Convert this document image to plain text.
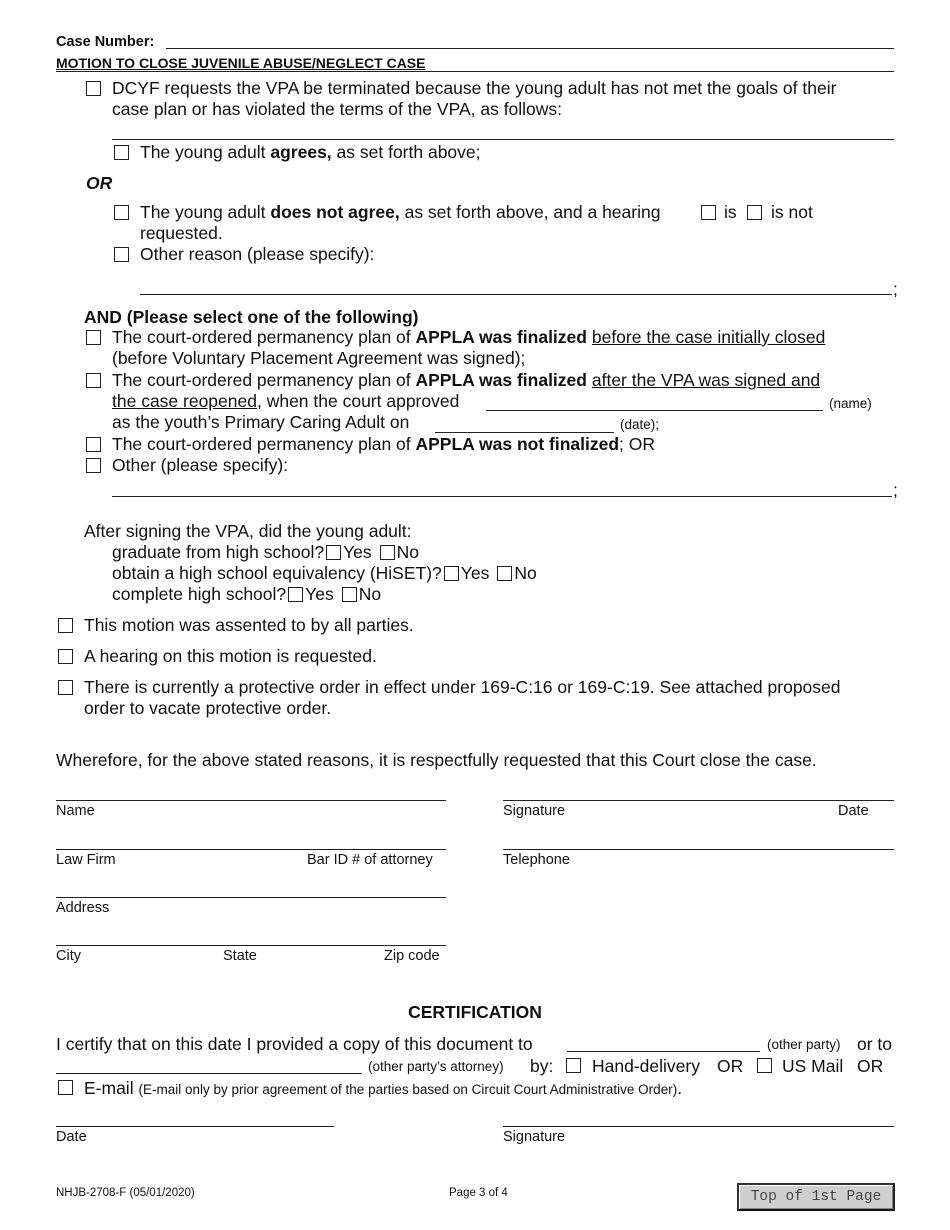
Case Number:
MOTION TO CLOSE JUVENILE ABUSE/NEGLECT CASE
DCYF requests the VPA be terminated because the young adult has not met the goals of their
case plan or has violated the terms of the VPA, as follows:
The young adult agrees, as set forth above;
OR
The young adult does not agree, as set forth above, and a hearing	is is not
requested.
Other reason (please specify):
;
AND (Please select one of the following)
The court-ordered permanency plan of APPLA was finalized before the case initially closed
(before Voluntary Placement Agreement was signed);
The court-ordered permanency plan of APPLA was finalized after the VPA was signed and
the case reopened, when the court approved	(name)
as the youth’s Primary Caring Adult on	(date);
The court-ordered permanency plan of APPLA was not finalized; OR
Other (please specify):
;
After signing the VPA, did the young adult:
graduate from high school? Yes No
obtain a high school equivalency (HiSET)? Yes No
complete high school? Yes No
This motion was assented to by all parties.
A hearing on this motion is requested.
There is currently a protective order in effect under 169-C:16 or 169-C:19. See attached proposed
order to vacate protective order.
Wherefore, for the above stated reasons, it is respectfully requested that this Court close the case.
Name	Signature	Date
Law Firm	Bar ID # of attorney	Telephone
Address
City	State	Zip code
CERTIFICATION
I certify that on this date I provided a copy of this document to	(other party) or to
(other party’s attorney) by: Hand-delivery OR US Mail OR
E-mail (E-mail only by prior agreement of the parties based on Circuit Court Administrative Order).
Date	Signature
NHJB-2708-F (05/01/2020)	Page 3 of 4	Top of 1st Page
